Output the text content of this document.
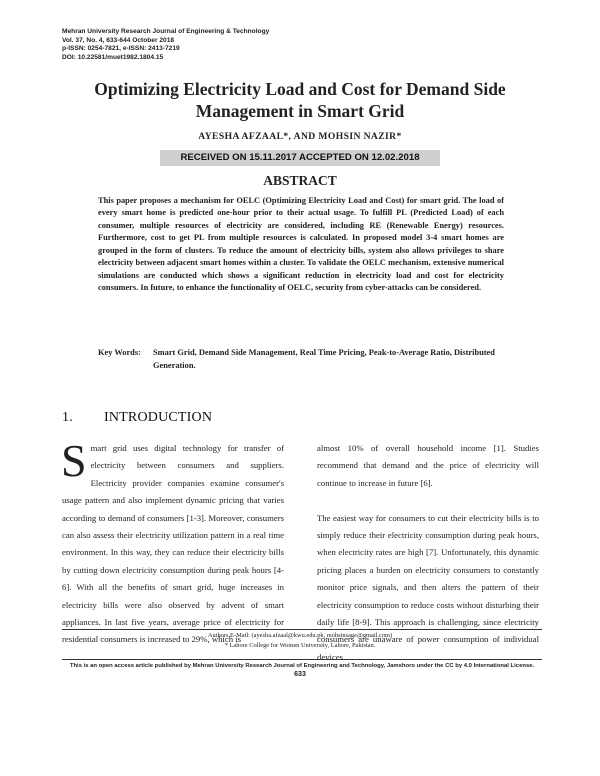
Mehran University Research Journal of Engineering & Technology
Vol. 37, No. 4, 633-644 October 2018
p-ISSN: 0254-7821, e-ISSN: 2413-7219
DOI: 10.22581/muet1982.1804.15
Optimizing Electricity Load and Cost for Demand Side
Management in Smart Grid
AYESHA AFZAAL*, AND MOHSIN NAZIR*
RECEIVED ON 15.11.2017 ACCEPTED ON 12.02.2018
ABSTRACT

This paper proposes a mechanism for OELC (Optimizing Electricity Load and Cost) for smart grid. The load of every smart home is predicted one-hour prior to their actual usage. To fulfill PL (Predicted Load) of each consumer, multiple resources of electricity are considered, including RE (Renewable Energy) resources. Furthermore, cost to get PL from multiple resources is calculated. In proposed model 3-4 smart homes are grouped in the form of clusters. To reduce the amount of electricity bills, system also allows privileges to share electricity between adjacent smart homes within a cluster. To validate the OELC mechanism, extensive numerical simulations are conducted which shows a significant reduction in electricity load and cost for electricity consumers. In future, to enhance the functionality of OELC, security from cyber-attacks can be considered.

Key Words: Smart Grid, Demand Side Management, Real Time Pricing, Peak-to-Average Ratio, Distributed Generation.
1. INTRODUCTION

Smart grid uses digital technology for transfer of electricity between consumers and suppliers. Electricity provider companies examine consumer's usage pattern and also implement dynamic pricing that varies according to demand of consumers [1-3]. Moreover, consumers can also assess their electricity utilization pattern in a real time environment. In this way, they can reduce their electricity bills by cutting down electricity consumption during peak hours [4-6]. With all the benefits of smart grid, huge increases in electricity bills were also observed by advent of smart appliances. In last five years, average price of electricity for residential consumers is increased to 29%, which is

almost 10% of overall household income [1]. Studies recommend that demand and the price of electricity will continue to increase in future [6].

The easiest way for consumers to cut their electricity bills is to simply reduce their electricity consumption during peak hours, when electricity rates are high [7]. Unfortunately, this dynamic pricing places a burden on electricity consumers to constantly monitor price signals, and then alters the pattern of their electricity consumption to reduce costs without disturbing their daily life [8-9]. This approach is challenging, since electricity consumers are unaware of power consumption of individual devices

Authors E-Mail: (ayesha.afzaal@kwu.edu.pk, mohsinsage@gmail.com)
* Lahore College for Women University, Lahore, Pakistan.
This is an open access article published by Mehran University Research Journal of Engineering and Technology, Jamshoro under the CC by 4.0 International License.
633
